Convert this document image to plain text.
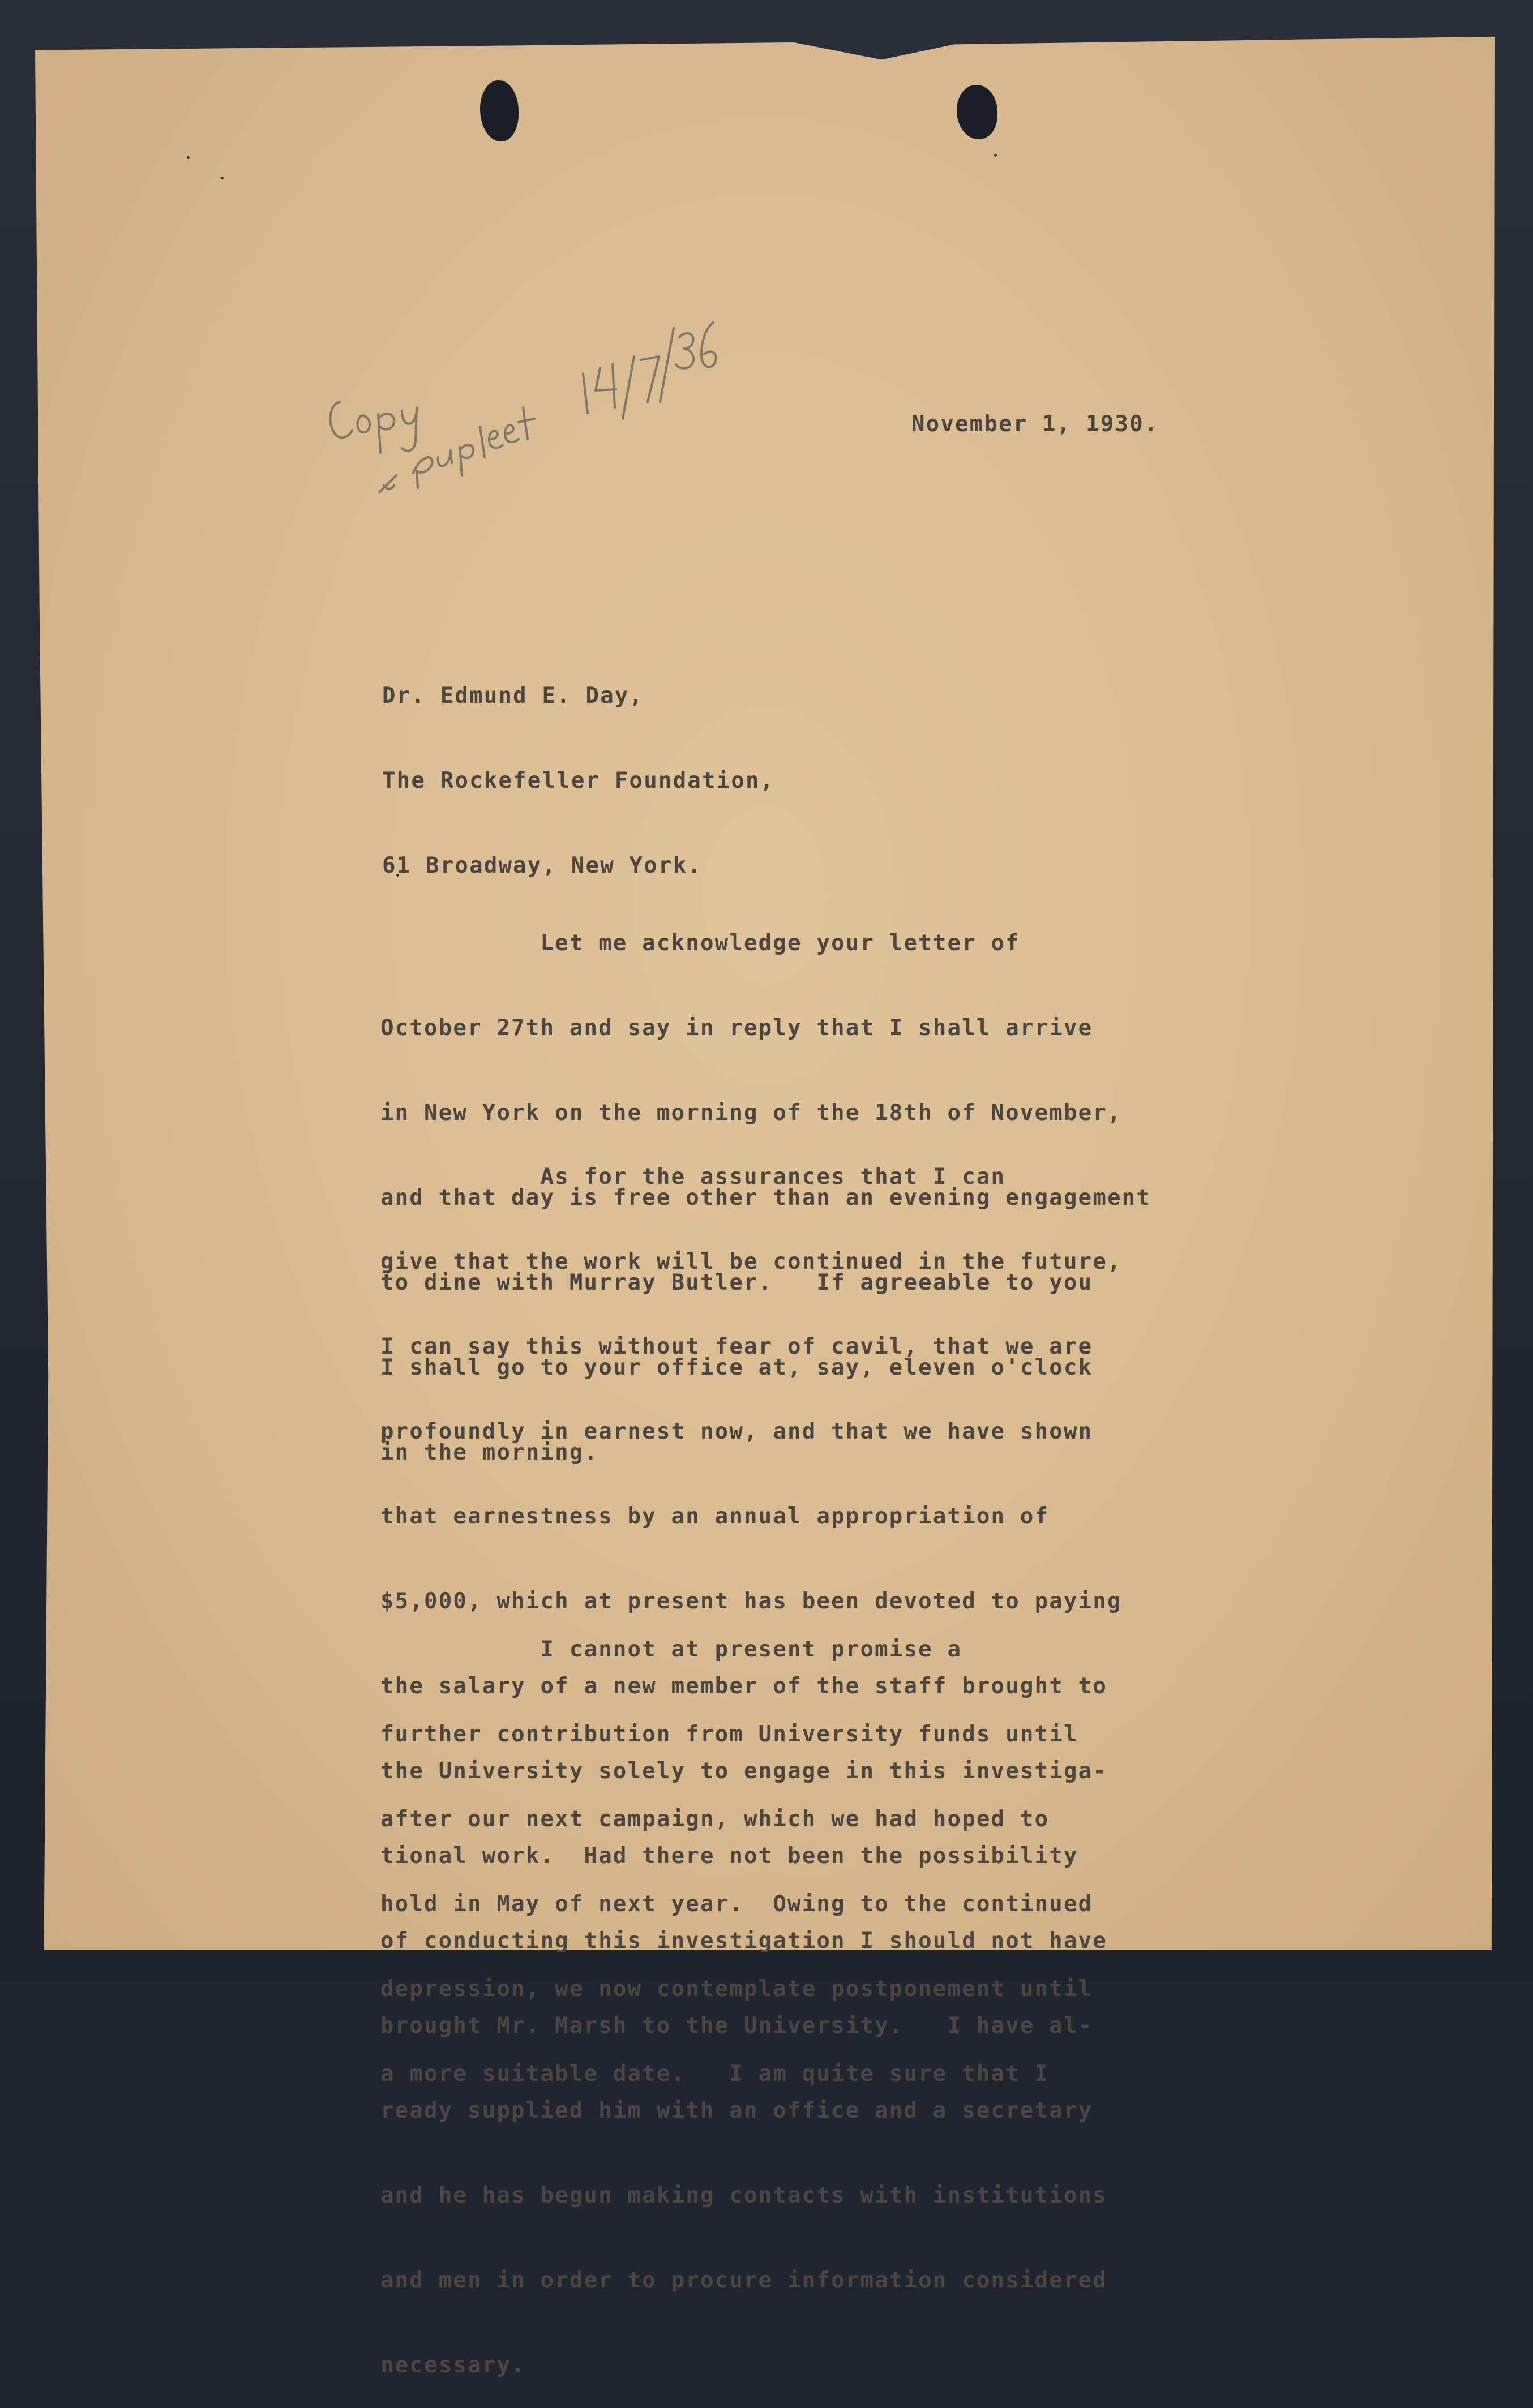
November 1, 1930.

Dr. Edmund E. Day,

The Rockefeller Foundation,

61 Broadway, New York.

Let me acknowledge your letter of

October 27th and say in reply that I shall arrive

in New York on the morning of the 18th of November,

and that day is free other than an evening engagement

to dine with Murray Butler.   If agreeable to you

I shall go to your office at, say, eleven o'clock

in the morning.

As for the assurances that I can

give that the work will be continued in the future,

I can say this without fear of cavil, that we are

profoundly in earnest now, and that we have shown

that earnestness by an annual appropriation of

$5,000, which at present has been devoted to paying

the salary of a new member of the staff brought to

the University solely to engage in this investiga-

tional work.  Had there not been the possibility

of conducting this investigation I should not have

brought Mr. Marsh to the University.   I have al-

ready supplied him with an office and a secretary

and he has begun making contacts with institutions

and men in order to procure information considered

necessary.

I cannot at present promise a

further contribution from University funds until

after our next campaign, which we had hoped to

hold in May of next year.  Owing to the continued

depression, we now contemplate postponement until

a more suitable date.   I am quite sure that I
